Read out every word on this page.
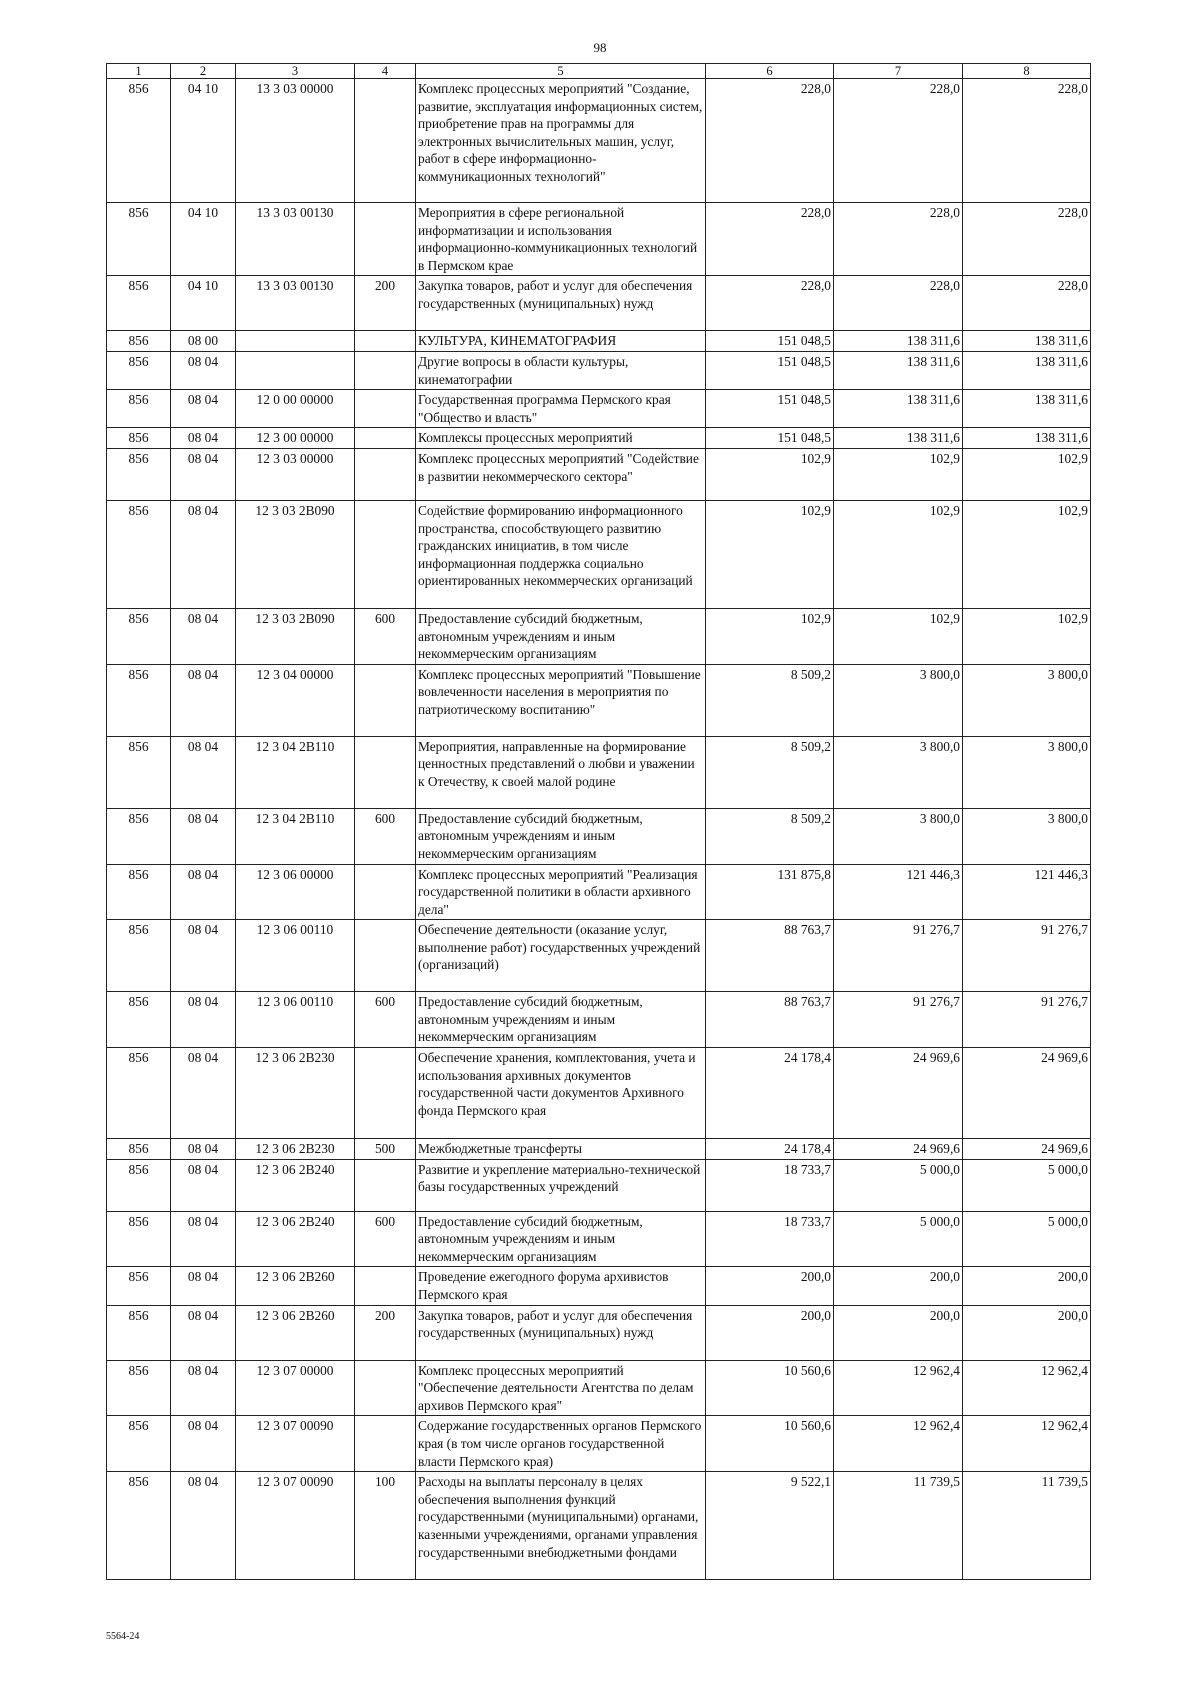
98
1	2	3	4	5	6	7	8
856	04 10	13 3 03 00000		Комплекс процессных мероприятий "Создание, развитие, эксплуатация информационных систем, приобретение прав на программы для электронных вычислительных машин, услуг, работ в сфере информационно-коммуникационных технологий"	228,0	228,0	228,0
856	04 10	13 3 03 00130		Мероприятия в сфере региональной информатизации и использования информационно-коммуникационных технологий в Пермском крае	228,0	228,0	228,0
856	04 10	13 3 03 00130	200	Закупка товаров, работ и услуг для обеспечения государственных (муниципальных) нужд	228,0	228,0	228,0
856	08 00			КУЛЬТУРА, КИНЕМАТОГРАФИЯ	151 048,5	138 311,6	138 311,6
856	08 04			Другие вопросы в области культуры, кинематографии	151 048,5	138 311,6	138 311,6
856	08 04	12 0 00 00000		Государственная программа Пермского края "Общество и власть"	151 048,5	138 311,6	138 311,6
856	08 04	12 3 00 00000		Комплексы процессных мероприятий	151 048,5	138 311,6	138 311,6
856	08 04	12 3 03 00000		Комплекс процессных мероприятий "Содействие в развитии некоммерческого сектора"	102,9	102,9	102,9
856	08 04	12 3 03 2В090		Содействие формированию информационного пространства, способствующего развитию гражданских инициатив, в том числе информационная поддержка социально ориентированных некоммерческих организаций	102,9	102,9	102,9
856	08 04	12 3 03 2В090	600	Предоставление субсидий бюджетным, автономным учреждениям и иным некоммерческим организациям	102,9	102,9	102,9
856	08 04	12 3 04 00000		Комплекс процессных мероприятий "Повышение вовлеченности населения в мероприятия по патриотическому воспитанию"	8 509,2	3 800,0	3 800,0
856	08 04	12 3 04 2В110		Мероприятия, направленные на формирование ценностных представлений о любви и уважении к Отечеству, к своей малой родине	8 509,2	3 800,0	3 800,0
856	08 04	12 3 04 2В110	600	Предоставление субсидий бюджетным, автономным учреждениям и иным некоммерческим организациям	8 509,2	3 800,0	3 800,0
856	08 04	12 3 06 00000		Комплекс процессных мероприятий "Реализация государственной политики в области архивного дела"	131 875,8	121 446,3	121 446,3
856	08 04	12 3 06 00110		Обеспечение деятельности (оказание услуг, выполнение работ) государственных учреждений (организаций)	88 763,7	91 276,7	91 276,7
856	08 04	12 3 06 00110	600	Предоставление субсидий бюджетным, автономным учреждениям и иным некоммерческим организациям	88 763,7	91 276,7	91 276,7
856	08 04	12 3 06 2В230		Обеспечение хранения, комплектования, учета и использования архивных документов государственной части документов Архивного фонда Пермского края	24 178,4	24 969,6	24 969,6
856	08 04	12 3 06 2В230	500	Межбюджетные трансферты	24 178,4	24 969,6	24 969,6
856	08 04	12 3 06 2В240		Развитие и укрепление материально-технической базы государственных учреждений	18 733,7	5 000,0	5 000,0
856	08 04	12 3 06 2В240	600	Предоставление субсидий бюджетным, автономным учреждениям и иным некоммерческим организациям	18 733,7	5 000,0	5 000,0
856	08 04	12 3 06 2В260		Проведение ежегодного форума архивистов Пермского края	200,0	200,0	200,0
856	08 04	12 3 06 2В260	200	Закупка товаров, работ и услуг для обеспечения государственных (муниципальных) нужд	200,0	200,0	200,0
856	08 04	12 3 07 00000		Комплекс процессных мероприятий "Обеспечение деятельности Агентства по делам архивов Пермского края"	10 560,6	12 962,4	12 962,4
856	08 04	12 3 07 00090		Содержание государственных органов Пермского края (в том числе органов государственной власти Пермского края)	10 560,6	12 962,4	12 962,4
856	08 04	12 3 07 00090	100	Расходы на выплаты персоналу в целях обеспечения выполнения функций государственными (муниципальными) органами, казенными учреждениями, органами управления государственными внебюджетными фондами	9 522,1	11 739,5	11 739,5
5564-24
